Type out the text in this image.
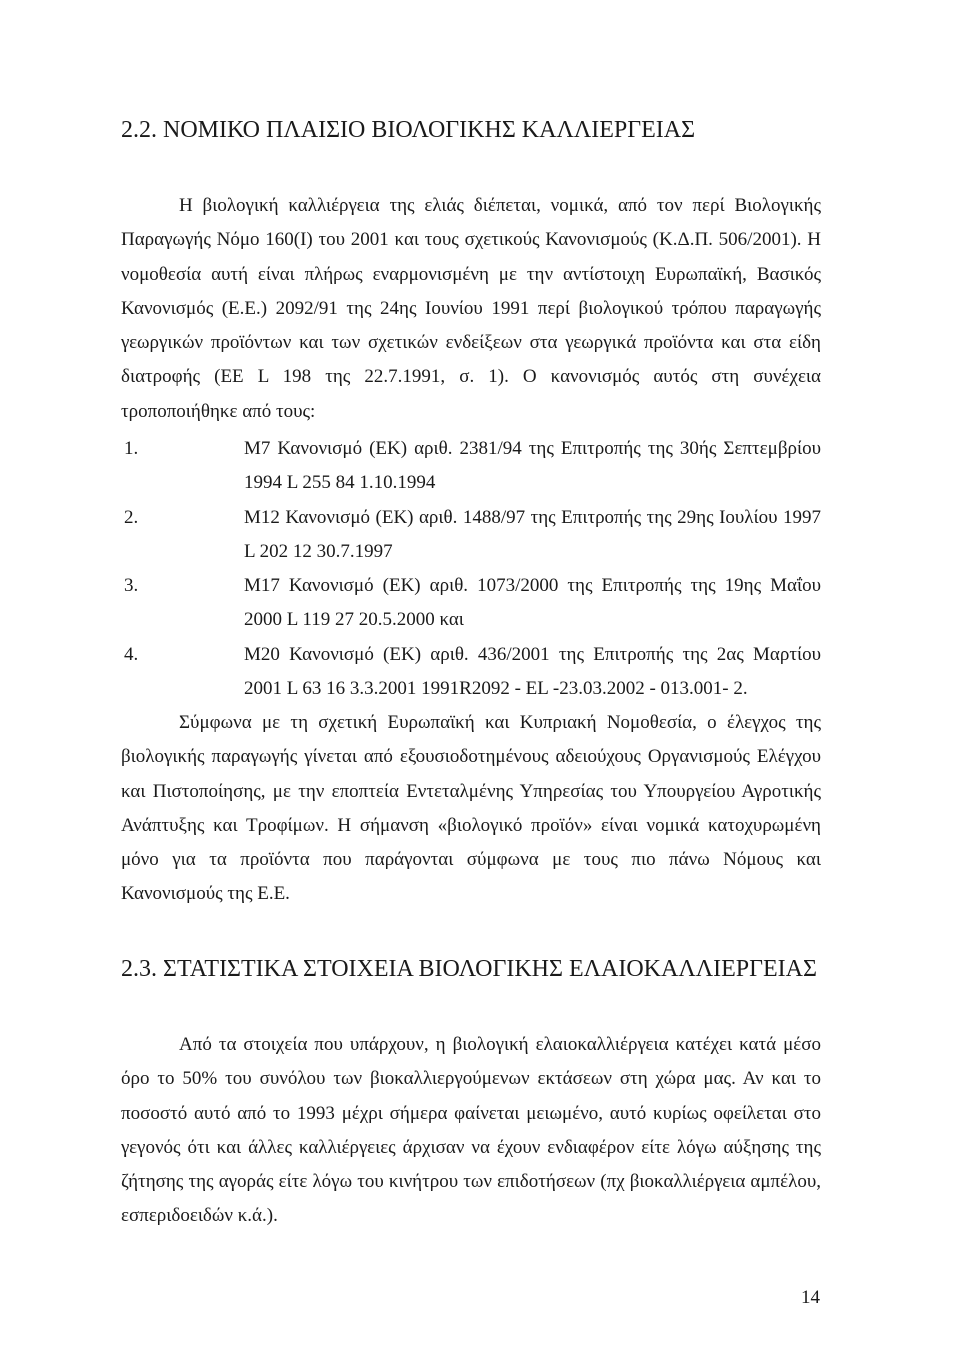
2.2. ΝΟΜΙΚΟ ΠΛΑΙΣΙΟ ΒΙΟΛΟΓΙΚΗΣ ΚΑΛΛΙΕΡΓΕΙΑΣ

Η βιολογική καλλιέργεια της ελιάς διέπεται, νομικά, από τον περί Βιολογικής Παραγωγής Νόμο 160(Ι) του 2001 και τους σχετικούς Κανονισμούς (Κ.Δ.Π. 506/2001). Η νομοθεσία αυτή είναι πλήρως εναρμονισμένη με την αντίστοιχη Ευρωπαϊκή, Βασικός Κανονισμός (Ε.Ε.) 2092/91 της 24ης Ιουνίου 1991 περί βιολογικού τρόπου παραγωγής γεωργικών προϊόντων και των σχετικών ενδείξεων στα γεωργικά προϊόντα και στα είδη διατροφής (ΕΕ L 198 της 22.7.1991, σ. 1). Ο κανονισμός αυτός στη συνέχεια τροποποιήθηκε από τους:

1.	M7 Κανονισμό (ΕΚ) αριθ. 2381/94 της Επιτροπής της 30ής Σεπτεμβρίου 1994 L 255 84 1.10.1994
2.	M12 Κανονισμό (ΕΚ) αριθ. 1488/97 της Επιτροπής της 29ης Ιουλίου 1997 L 202 12 30.7.1997
3.	M17 Κανονισμό (ΕΚ) αριθ. 1073/2000 της Επιτροπής της 19ης Μαΐου 2000 L 119 27 20.5.2000 και
4.	M20 Κανονισμό (ΕΚ) αριθ. 436/2001 της Επιτροπής της 2ας Μαρτίου 2001 L 63 16 3.3.2001 1991R2092 - EL -23.03.2002 - 013.001- 2.

Σύμφωνα με τη σχετική Ευρωπαϊκή και Κυπριακή Νομοθεσία, ο έλεγχος της βιολογικής παραγωγής γίνεται από εξουσιοδοτημένους αδειούχους Οργανισμούς Ελέγχου και Πιστοποίησης, με την εποπτεία Εντεταλμένης Υπηρεσίας του Υπουργείου Αγροτικής Ανάπτυξης και Τροφίμων. Η σήμανση «βιολογικό προϊόν» είναι νομικά κατοχυρωμένη μόνο για τα προϊόντα που παράγονται σύμφωνα με τους πιο πάνω Νόμους και Κανονισμούς της Ε.Ε.

2.3. ΣΤΑΤΙΣΤΙΚΑ ΣΤΟΙΧΕΙΑ ΒΙΟΛΟΓΙΚΗΣ ΕΛΑΙΟΚΑΛΛΙΕΡΓΕΙΑΣ

Από τα στοιχεία που υπάρχουν, η βιολογική ελαιοκαλλιέργεια κατέχει κατά μέσο όρο το 50% του συνόλου των βιοκαλλιεργούμενων εκτάσεων στη χώρα μας. Αν και το ποσοστό αυτό από το 1993 μέχρι σήμερα φαίνεται μειωμένο, αυτό κυρίως οφείλεται στο γεγονός ότι και άλλες καλλιέργειες άρχισαν να έχουν ενδιαφέρον είτε λόγω αύξησης της ζήτησης της αγοράς είτε λόγω του κινήτρου των επιδοτήσεων (πχ βιοκαλλιέργεια αμπέλου, εσπεριδοειδών κ.ά.).

14
